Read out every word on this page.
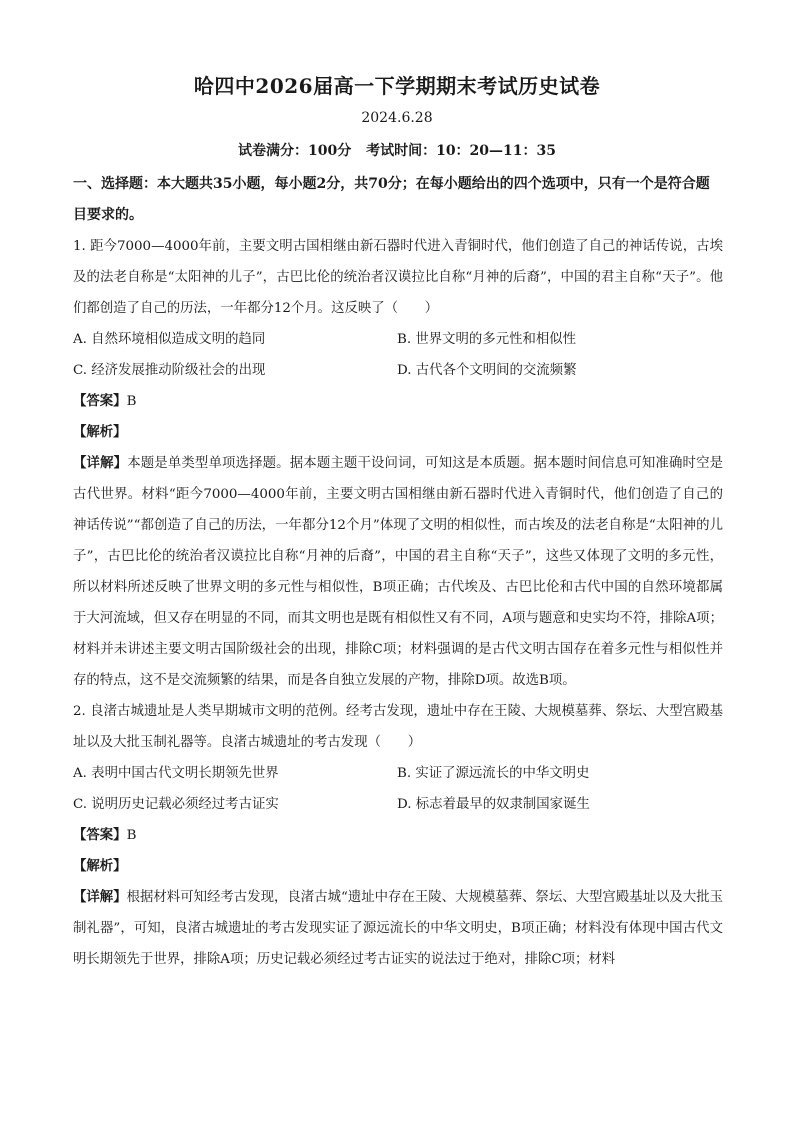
哈四中2026届高一下学期期末考试历史试卷
2024.6.28
试卷满分：100分 考试时间：10：20—11：35

一、选择题：本大题共35小题，每小题2分，共70分；在每小题给出的四个选项中，只有一个是符合题目要求的。

1. 距今7000—4000年前，主要文明古国相继由新石器时代进入青铜时代，他们创造了自己的神话传说，古埃及的法老自称是“太阳神的儿子”，古巴比伦的统治者汉谟拉比自称“月神的后裔”，中国的君主自称“天子”。他们都创造了自己的历法，一年都分12个月。这反映了（　　）

A. 自然环境相似造成文明的趋同	B. 世界文明的多元性和相似性
C. 经济发展推动阶级社会的出现	D. 古代各个文明间的交流频繁

【答案】B

【解析】

【详解】本题是单类型单项选择题。据本题主题干设问词，可知这是本质题。据本题时间信息可知准确时空是古代世界。材料“距今7000—4000年前，主要文明古国相继由新石器时代进入青铜时代，他们创造了自己的神话传说”“都创造了自己的历法，一年都分12个月”体现了文明的相似性，而古埃及的法老自称是“太阳神的儿子”，古巴比伦的统治者汉谟拉比自称“月神的后裔”，中国的君主自称“天子”，这些又体现了文明的多元性，所以材料所述反映了世界文明的多元性与相似性，B项正确；古代埃及、古巴比伦和古代中国的自然环境都属于大河流域，但又存在明显的不同，而其文明也是既有相似性又有不同，A项与题意和史实均不符，排除A项；材料并未讲述主要文明古国阶级社会的出现，排除C项；材料强调的是古代文明古国存在着多元性与相似性并存的特点，这不是交流频繁的结果，而是各自独立发展的产物，排除D项。故选B项。

2. 良渚古城遗址是人类早期城市文明的范例。经考古发现，遗址中存在王陵、大规模墓葬、祭坛、大型宫殿基址以及大批玉制礼器等。良渚古城遗址的考古发现（　　）

A. 表明中国古代文明长期领先世界	B. 实证了源远流长的中华文明史
C. 说明历史记载必须经过考古证实	D. 标志着最早的奴隶制国家诞生

【答案】B

【解析】

【详解】根据材料可知经考古发现，良渚古城“遗址中存在王陵、大规模墓葬、祭坛、大型宫殿基址以及大批玉制礼器”，可知，良渚古城遗址的考古发现实证了源远流长的中华文明史，B项正确；材料没有体现中国古代文明长期领先于世界，排除A项；历史记载必须经过考古证实的说法过于绝对，排除C项；材料
